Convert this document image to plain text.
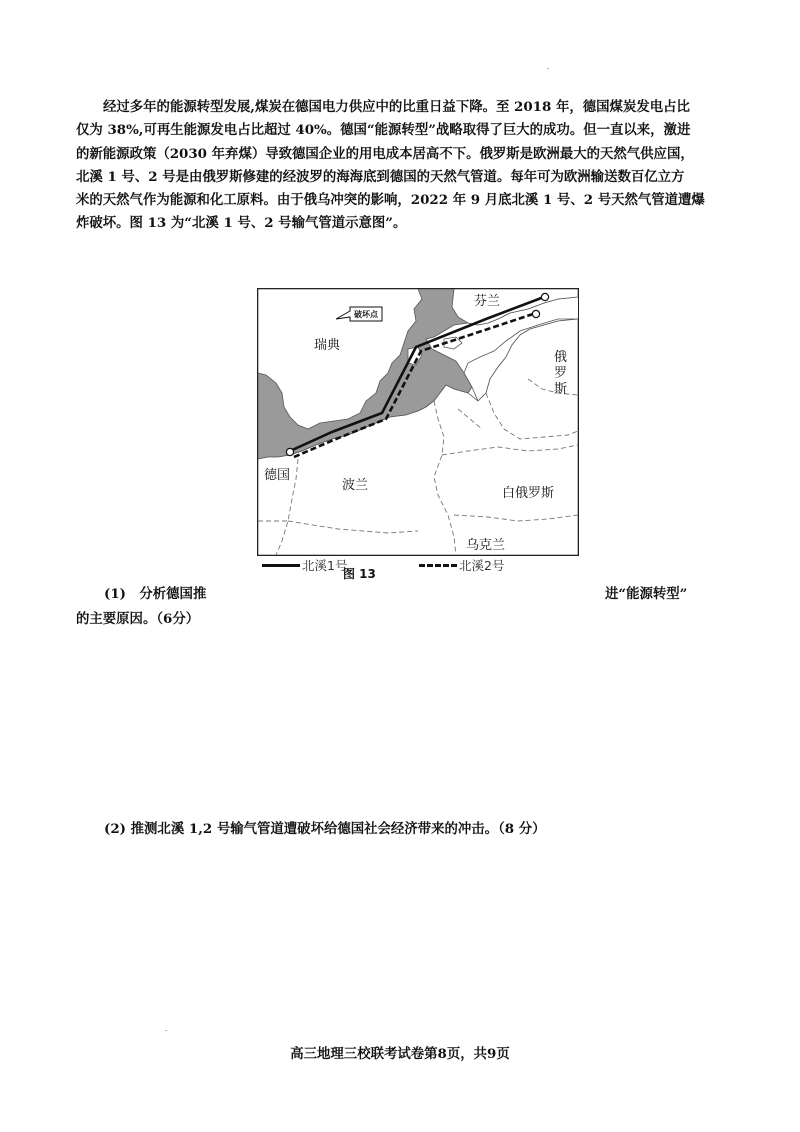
经过多年的能源转型发展,煤炭在德国电力供应中的比重日益下降。至 2018 年，德国煤炭发电占比
仅为 38%,可再生能源发电占比超过 40%。德国“能源转型”战略取得了巨大的成功。但一直以来，激进
的新能源政策（2030 年弃煤）导致德国企业的用电成本居高不下。俄罗斯是欧洲最大的天然气供应国，
北溪 1 号、2 号是由俄罗斯修建的经波罗的海海底到德国的天然气管道。每年可为欧洲输送数百亿立方
米的天然气作为能源和化工原料。由于俄乌冲突的影响，2022 年 9 月底北溪 1 号、2 号天然气管道遭爆
炸破坏。图 13 为“北溪 1 号、2 号输气管道示意图”。
破坏点
芬兰
瑞典
俄
罗
斯
德国
波兰
白俄罗斯
乌克兰
北溪1号	北溪2号
图 13
(1)　分析德国推	进“能源转型”
的主要原因。（6分）
(2) 推测北溪 1,2 号输气管道遭破坏给德国社会经济带来的冲击。（8 分）
高三地理三校联考试卷第8页，共9页
